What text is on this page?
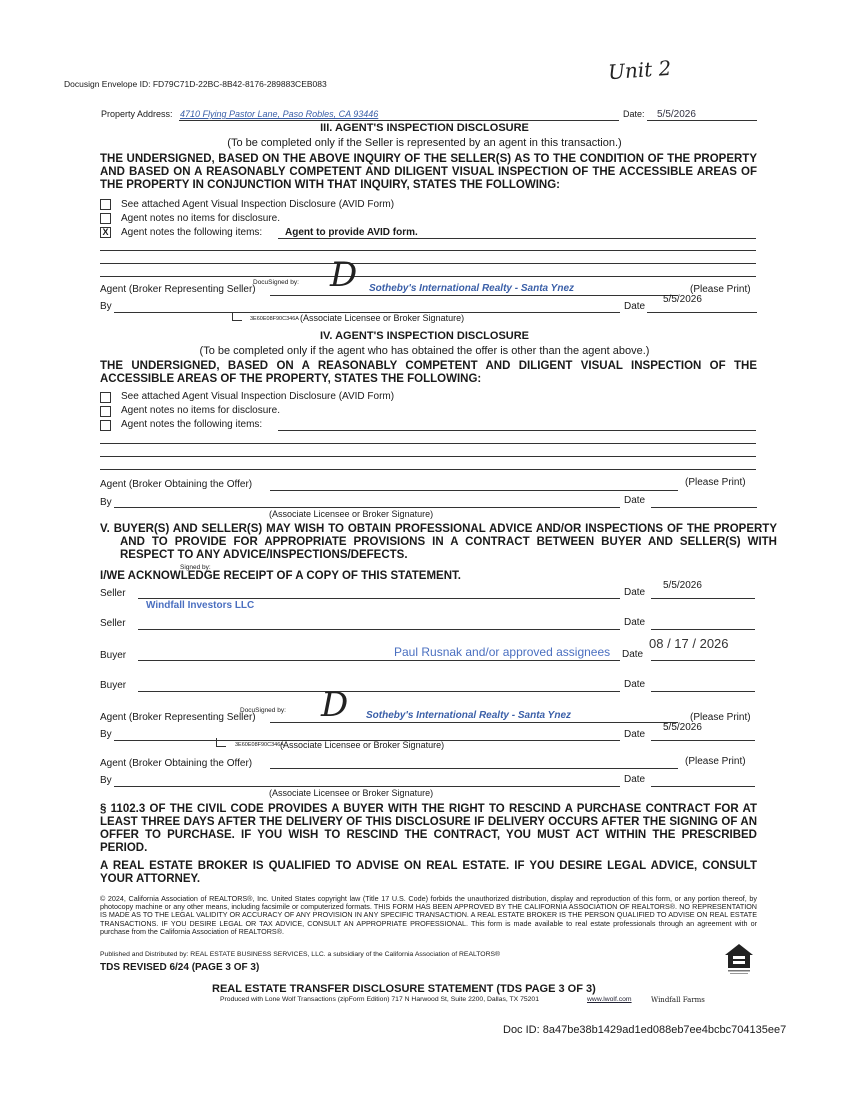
Docusign Envelope ID: FD79C71D-22BC-8B42-8176-289883CEB083	Unit 2
Property Address: 4710 Flying Pastor Lane, Paso Robles, CA 93446	Date: 5/5/2026
III. AGENT'S INSPECTION DISCLOSURE
(To be completed only if the Seller is represented by an agent in this transaction.)
THE UNDERSIGNED, BASED ON THE ABOVE INQUIRY OF THE SELLER(S) AS TO THE CONDITION OF THE PROPERTY AND BASED ON A REASONABLY COMPETENT AND DILIGENT VISUAL INSPECTION OF THE ACCESSIBLE AREAS OF THE PROPERTY IN CONJUNCTION WITH THAT INQUIRY, STATES THE FOLLOWING:
See attached Agent Visual Inspection Disclosure (AVID Form)
Agent notes no items for disclosure.
X Agent notes the following items: Agent to provide AVID form.
Agent (Broker Representing Seller)
DocuSigned by: D Sotheby's International Realty - Santa Ynez	(Please Print)
By	Date
5/5/2026
3E60E08F90C346A (Associate Licensee or Broker Signature)
IV. AGENT'S INSPECTION DISCLOSURE
(To be completed only if the agent who has obtained the offer is other than the agent above.)
THE UNDERSIGNED, BASED ON A REASONABLY COMPETENT AND DILIGENT VISUAL INSPECTION OF THE ACCESSIBLE AREAS OF THE PROPERTY, STATES THE FOLLOWING:
See attached Agent Visual Inspection Disclosure (AVID Form)
Agent notes no items for disclosure.
Agent notes the following items:
Agent (Broker Obtaining the Offer)	(Please Print)
By	Date
(Associate Licensee or Broker Signature)
V. BUYER(S) AND SELLER(S) MAY WISH TO OBTAIN PROFESSIONAL ADVICE AND/OR INSPECTIONS OF THE PROPERTY AND TO PROVIDE FOR APPROPRIATE PROVISIONS IN A CONTRACT BETWEEN BUYER AND SELLER(S) WITH RESPECT TO ANY ADVICE/INSPECTIONS/DEFECTS.
I/WE ACKNOWLEDGE RECEIPT OF A COPY OF THIS STATEMENT.
Signed by:
Seller	Date
5/5/2026
Windfall Investors LLC
Seller	Date
Buyer	Paul Rusnak and/or approved assignees Date
08 / 17 / 2026
Buyer	Date
Agent (Broker Representing Seller)
DocuSigned by: D Sotheby's International Realty - Santa Ynez	(Please Print)
By	Date
5/5/2026
3E60E08F90C346A
(Associate Licensee or Broker Signature)
Agent (Broker Obtaining the Offer)	(Please Print)
By	Date
(Associate Licensee or Broker Signature)
§ 1102.3 OF THE CIVIL CODE PROVIDES A BUYER WITH THE RIGHT TO RESCIND A PURCHASE CONTRACT FOR AT LEAST THREE DAYS AFTER THE DELIVERY OF THIS DISCLOSURE IF DELIVERY OCCURS AFTER THE SIGNING OF AN OFFER TO PURCHASE. IF YOU WISH TO RESCIND THE CONTRACT, YOU MUST ACT WITHIN THE PRESCRIBED PERIOD.
A REAL ESTATE BROKER IS QUALIFIED TO ADVISE ON REAL ESTATE. IF YOU DESIRE LEGAL ADVICE, CONSULT YOUR ATTORNEY.
© 2024, California Association of REALTORS®, Inc. United States copyright law (Title 17 U.S. Code) forbids the unauthorized distribution, display and reproduction of this form, or any portion thereof, by photocopy machine or any other means, including facsimile or computerized formats. THIS FORM HAS BEEN APPROVED BY THE CALIFORNIA ASSOCIATION OF REALTORS®. NO REPRESENTATION IS MADE AS TO THE LEGAL VALIDITY OR ACCURACY OF ANY PROVISION IN ANY SPECIFIC TRANSACTION. A REAL ESTATE BROKER IS THE PERSON QUALIFIED TO ADVISE ON REAL ESTATE TRANSACTIONS. IF YOU DESIRE LEGAL OR TAX ADVICE, CONSULT AN APPROPRIATE PROFESSIONAL. This form is made available to real estate professionals through an agreement with or purchase from the California Association of REALTORS®.
Published and Distributed by: REAL ESTATE BUSINESS SERVICES, LLC. a subsidiary of the California Association of REALTORS®
TDS REVISED 6/24 (PAGE 3 OF 3)
REAL ESTATE TRANSFER DISCLOSURE STATEMENT (TDS PAGE 3 OF 3)
Produced with Lone Wolf Transactions (zipForm Edition) 717 N Harwood St, Suite 2200, Dallas, TX 75201	www.lwolf.com	Windfall Farms
Doc ID: 8a47be38b1429ad1ed088eb7ee4bcbc704135ee7
